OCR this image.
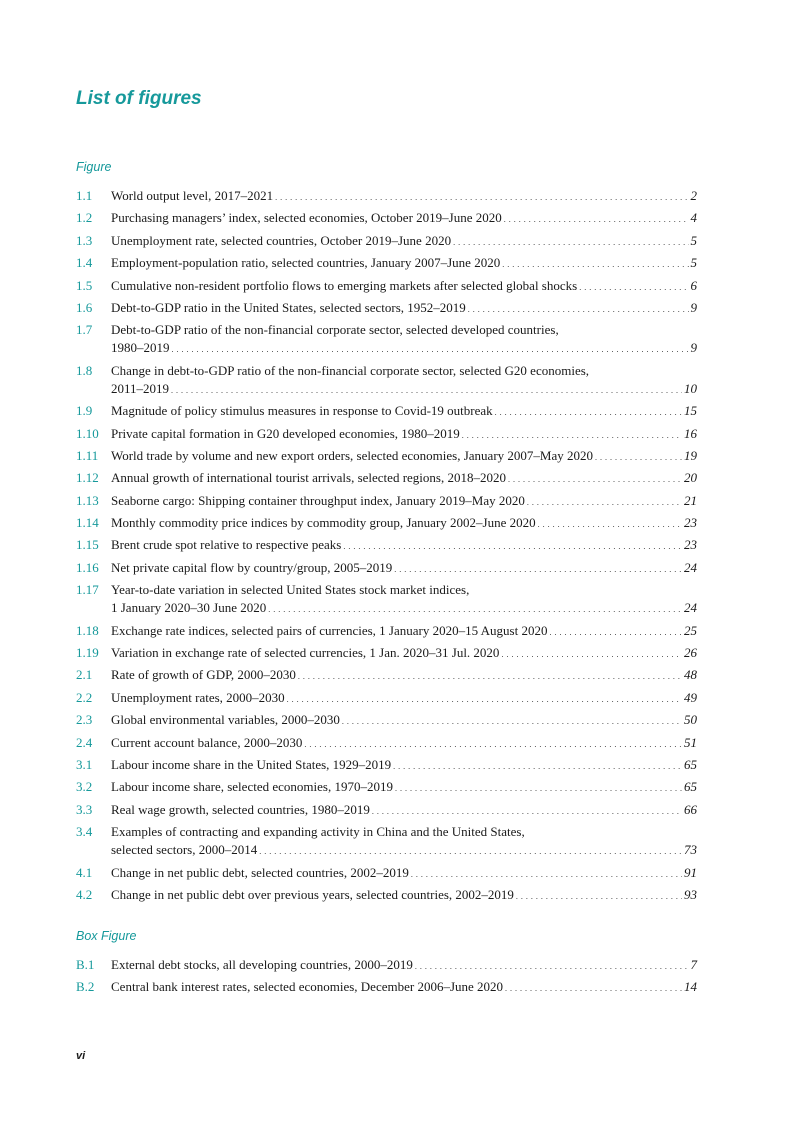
List of figures
Figure
1.1	World output level, 2017–2021 . . .	2
1.2	Purchasing managers’ index, selected economies, October 2019–June 2020 . . .	4
1.3	Unemployment rate, selected countries, October 2019–June 2020 . . .	5
1.4	Employment-population ratio, selected countries, January 2007–June 2020 . . .	5
1.5	Cumulative non-resident portfolio flows to emerging markets after selected global shocks . . .	6
1.6	Debt-to-GDP ratio in the United States, selected sectors, 1952–2019 . . .	9
1.7	Debt-to-GDP ratio of the non-financial corporate sector, selected developed countries,
1980–2019 . . .	9
1.8	Change in debt-to-GDP ratio of the non-financial corporate sector, selected G20 economies,
2011–2019 . . .	10
1.9	Magnitude of policy stimulus measures in response to Covid-19 outbreak . . .	15
1.10 Private capital formation in G20 developed economies, 1980–2019 . . .	16
1.11 World trade by volume and new export orders, selected economies, January 2007–May 2020 . . .	19
1.12 Annual growth of international tourist arrivals, selected regions, 2018–2020 . . .	20
1.13 Seaborne cargo: Shipping container throughput index, January 2019–May 2020 . . .	21
1.14 Monthly commodity price indices by commodity group, January 2002–June 2020 . . .	23
1.15 Brent crude spot relative to respective peaks . . .	23
1.16 Net private capital flow by country/group, 2005–2019 . . .	24
1.17 Year-to-date variation in selected United States stock market indices,
1 January 2020–30 June 2020 . . .	24
1.18 Exchange rate indices, selected pairs of currencies, 1 January 2020–15 August 2020 . . .	25
1.19 Variation in exchange rate of selected currencies, 1 Jan. 2020–31 Jul. 2020 . . .	26
2.1	Rate of growth of GDP, 2000–2030 . . .	48
2.2	Unemployment rates, 2000–2030 . . .	49
2.3	Global environmental variables, 2000–2030 . . .	50
2.4	Current account balance, 2000–2030 . . .	51
3.1	Labour income share in the United States, 1929–2019 . . .	65
3.2	Labour income share, selected economies, 1970–2019 . . .	65
3.3	Real wage growth, selected countries, 1980–2019 . . .	66
3.4	Examples of contracting and expanding activity in China and the United States,
selected sectors, 2000–2014 . . .	73
4.1	Change in net public debt, selected countries, 2002–2019 . . .	91
4.2	Change in net public debt over previous years, selected countries, 2002–2019 . . .	93
Box Figure
B.1	External debt stocks, all developing countries, 2000–2019 . . .	7
B.2	Central bank interest rates, selected economies, December 2006–June 2020 . . .	14
vi
